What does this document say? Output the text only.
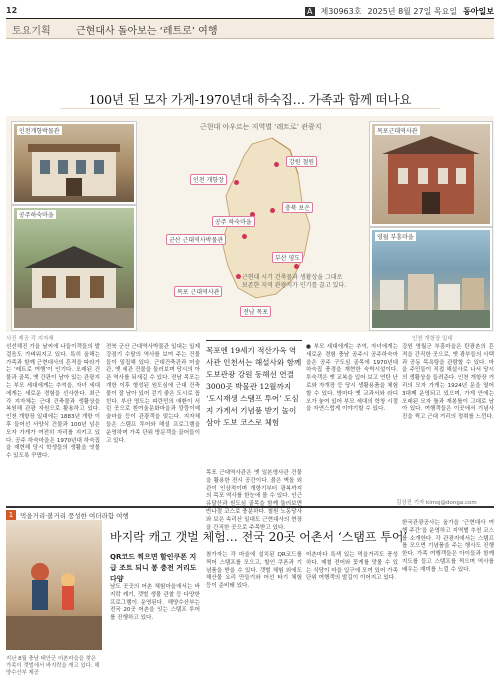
12	A 제30963호 2025년 8월 27일 목요일 동아일보
토요기획	근현대사 돌아보는 ‘레트로’ 여행
100년 된 모자 가게-1970년대 하숙집… 가족과 함께 떠나요
인천개항박물관
공주하숙마을
근현대 아우르는 지역별 ‘레트로’ 관광지
인천 개항장
공주 하숙마을
군산 근대역사박물관
목포 근대역사관
부산 영도
전남 목포
강원 철원
충북 보은
근현대 시기 건축물과 생활상을 그대로 보존한 지역 관광지가 인기를 끌고 있다.
목포근대역사관
영월 부흥마을
사진 제공 각 지자체	인천 개항장 일대
선선해진 가을 날씨에 나들이객들의 발걸음도 가벼워지고 있다. 특히 올해는 가족과 함께 근현대사의 흔적을 따라가는 ‘레트로 여행’이 인기다. 오래된 건물과 골목, 옛 간판이 남아 있는 관광지는 부모 세대에게는 추억을, 자녀 세대에게는 새로운 경험을 선사한다. 최근 각 지자체는 근대 건축물과 생활상을 복원해 관광 자원으로 활용하고 있다. 인천 개항장 일대에는 1883년 개항 이후 들어선 서양식 건물과 100년 넘은 모자 가게가 여전히 자리를 지키고 있다. 공주 하숙마을은 1970년대 하숙집을 재현해 당시 학생들의 생활을 엿볼 수 있도록 꾸몄다.
전북 군산 근대역사박물관 일대는 일제강점기 수탈의 역사를 보여 주는 건물들이 밀집해 있다. 근대건축관과 미술관, 옛 세관 건물을 둘러보며 당시의 아픈 역사를 되새길 수 있다. 전남 목포는 개항 이후 형성된 원도심에 근대 건축물이 잘 남아 있어 걷기 좋은 도시로 꼽힌다. 부산 영도는 피란민의 애환이 서린 곳으로 흰여울문화마을과 깡깡이예술마을 등이 관광객을 맞는다. 지자체들은 스탬프 투어와 해설 프로그램을 운영하며 가족 단위 방문객을 끌어들이고 있다.
목포엔 19세기 적산가옥 역사관 인천서는 해설사와 함께 도보관광 강원 동해선 연결 3000곳 박물관 12월까지 ‘도시재생 스탬프 투어’ 도심지 가게서 기념품 받기 놀이 삼아 도보 코스로 체험
목포 근대역사관은 옛 일본영사관 건물을 활용한 전시 공간이다. 붉은 벽돌 외관이 인상적이며 개항기부터 광복까지의 목포 역사를 한눈에 볼 수 있다. 인근 유달산과 원도심 골목을 함께 둘러보면 반나절 코스로 충분하다. 철원 노동당사와 보은 속리산 일대도 근현대사의 현장을 간직한 곳으로 주목받고 있다.
● 부모 세대에게는 추억, 자녀에게는 새로운 경험 충남 공주시 공주하숙마을은 공주 구도심 골목에 1970년대 하숙집 풍경을 재현한 숙박시설이다. 투숙객은 옛 교복을 입어 보고 연탄 난로와 자개장 등 당시 생활용품을 체험할 수 있다. 방마다 옛 교과서와 라디오가 놓여 있어 부모 세대의 학창 시절을 자연스럽게 이야기할 수 있다.
강원 영월군 부흥마을은 탄광촌의 흔적을 간직한 곳으로, 옛 광부들의 사택과 공동 목욕탕을 관람할 수 있다. 마을 주민들이 직접 해설사로 나서 당시의 생활상을 들려준다. 인천 개항장 거리의 모자 가게는 1924년 문을 열어 3대째 운영되고 있으며, 가게 안에는 오래된 모자 틀과 재봉틀이 그대로 남아 있다. 여행객들은 이곳에서 기념사진을 찍고 근대 거리의 정취를 느낀다.
김상진 기자 kimsj@donga.com
1	먹을거리·볼거리 풍성한 여더라함 여행
지난 8월 충남 태안군 어촌마을을 찾은 가족이 갯벌에서 바지락을 캐고 있다. 해양수산부 제공
바지락 캐고 갯벌 체험… 전국 20곳 어촌서 ‘스탬프 투어’
QR코드 찍으면 할인쿠폰 지급 조트 되니 봉 충전 거리도 다양
남도 곳곳의 어촌 체험마을에서는 바지락 캐기, 갯벌 생물 관찰 등 다양한 프로그램이 운영된다. 해양수산부는 전국 20곳 어촌을 잇는 스탬프 투어를 진행하고 있다.
참가자는 각 마을에 설치된 QR코드를 찍어 스탬프를 모으고, 할인 쿠폰과 기념품을 받을 수 있다. 갯벌 체험 외에도 해산물 요리 만들기와 어선 타기 체험 등이 준비돼 있다.
어촌마다 특색 있는 먹을거리도 풍성하다. 제철 전어와 꽃게를 맛볼 수 있는 식당이 마을 입구에 모여 있어 가족 단위 여행객의 발길이 이어지고 있다.
한국관광공사는 올가을 ‘근현대사 여행 주간’을 운영하고 지역별 추천 코스를 소개한다. 각 관광지에서는 스탬프를 모으면 기념품을 주는 행사도 진행한다. 가족 여행객들은 아이들과 함께 지도를 들고 스탬프를 찍으며 역사를 배우는 재미를 느낄 수 있다.
